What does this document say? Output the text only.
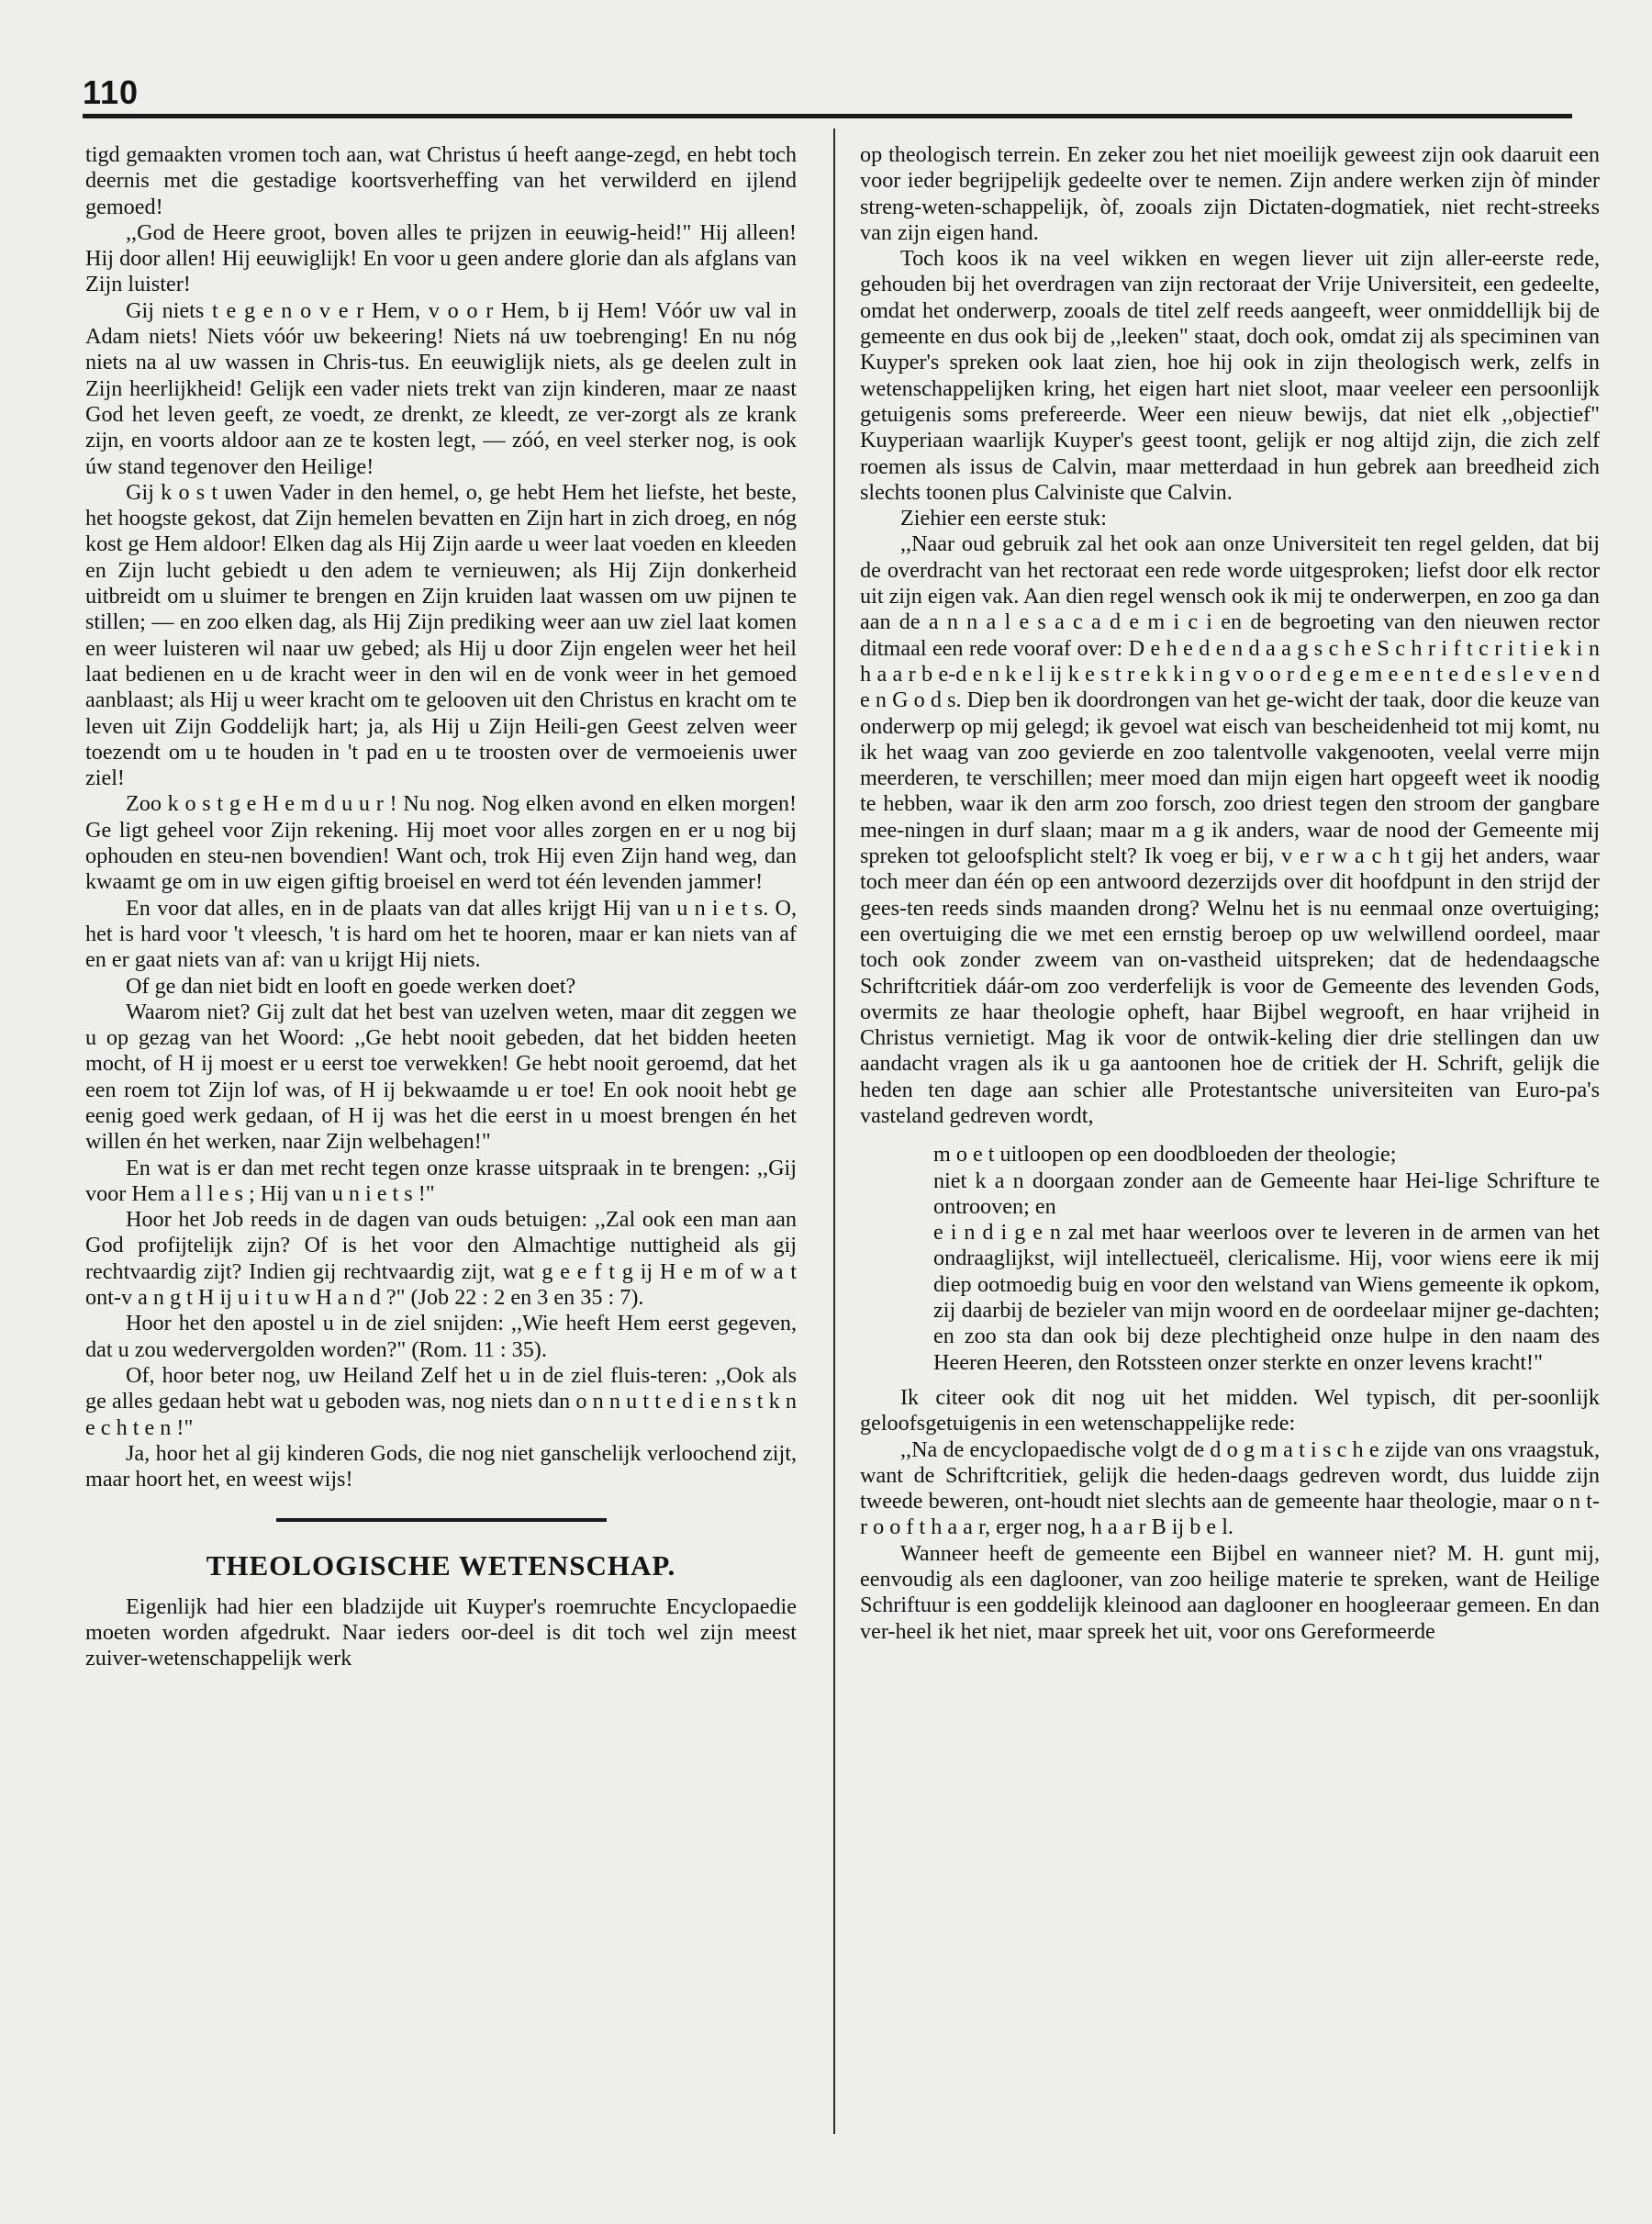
110

tigd gemaakten vromen toch aan, wat Christus ú heeft aange-zegd, en hebt toch deernis met die gestadige koortsverheffing van het verwilderd en ijlend gemoed!

,,God de Heere groot, boven alles te prijzen in eeuwig-heid!" Hij alleen! Hij door allen! Hij eeuwiglijk! En voor u geen andere glorie dan als afglans van Zijn luister!

Gij niets t e g e n o v e r Hem, v o o r Hem, b ij Hem! Vóór uw val in Adam niets! Niets vóór uw bekeering! Niets ná uw toebrenging! En nu nóg niets na al uw wassen in Chris-tus. En eeuwiglijk niets, als ge deelen zult in Zijn heerlijkheid! Gelijk een vader niets trekt van zijn kinderen, maar ze naast God het leven geeft, ze voedt, ze drenkt, ze kleedt, ze ver-zorgt als ze krank zijn, en voorts aldoor aan ze te kosten legt, — zóó, en veel sterker nog, is ook úw stand tegenover den Heilige!

Gij k o s t uwen Vader in den hemel, o, ge hebt Hem het liefste, het beste, het hoogste gekost, dat Zijn hemelen bevatten en Zijn hart in zich droeg, en nóg kost ge Hem aldoor! Elken dag als Hij Zijn aarde u weer laat voeden en kleeden en Zijn lucht gebiedt u den adem te vernieuwen; als Hij Zijn donkerheid uitbreidt om u sluimer te brengen en Zijn kruiden laat wassen om uw pijnen te stillen; — en zoo elken dag, als Hij Zijn prediking weer aan uw ziel laat komen en weer luisteren wil naar uw gebed; als Hij u door Zijn engelen weer het heil laat bedienen en u de kracht weer in den wil en de vonk weer in het gemoed aanblaast; als Hij u weer kracht om te gelooven uit den Christus en kracht om te leven uit Zijn Goddelijk hart; ja, als Hij u Zijn Heili-gen Geest zelven weer toezendt om u te houden in 't pad en u te troosten over de vermoeienis uwer ziel!

Zoo k o s t g e H e m d u u r ! Nu nog. Nog elken avond en elken morgen! Ge ligt geheel voor Zijn rekening. Hij moet voor alles zorgen en er u nog bij ophouden en steu-nen bovendien! Want och, trok Hij even Zijn hand weg, dan kwaamt ge om in uw eigen giftig broeisel en werd tot één levenden jammer!

En voor dat alles, en in de plaats van dat alles krijgt Hij van u n i e t s. O, het is hard voor 't vleesch, 't is hard om het te hooren, maar er kan niets van af en er gaat niets van af: van u krijgt Hij niets.

Of ge dan niet bidt en looft en goede werken doet?

Waarom niet? Gij zult dat het best van uzelven weten, maar dit zeggen we u op gezag van het Woord: ,,Ge hebt nooit gebeden, dat het bidden heeten mocht, of H ij moest er u eerst toe verwekken! Ge hebt nooit geroemd, dat het een roem tot Zijn lof was, of H ij bekwaamde u er toe! En ook nooit hebt ge eenig goed werk gedaan, of H ij was het die eerst in u moest brengen én het willen én het werken, naar Zijn welbehagen!"

En wat is er dan met recht tegen onze krasse uitspraak in te brengen: ,,Gij voor Hem a l l e s ; Hij van u n i e t s !"

Hoor het Job reeds in de dagen van ouds betuigen: ,,Zal ook een man aan God profijtelijk zijn? Of is het voor den Almachtige nuttigheid als gij rechtvaardig zijt? Indien gij rechtvaardig zijt, wat g e e f t g ij H e m of w a t ont-v a n g t H ij u i t u w H a n d ?" (Job 22 : 2 en 3 en 35 : 7).

Hoor het den apostel u in de ziel snijden: ,,Wie heeft Hem eerst gegeven, dat u zou wedervergolden worden?" (Rom. 11 : 35).

Of, hoor beter nog, uw Heiland Zelf het u in de ziel fluis-teren: ,,Ook als ge alles gedaan hebt wat u geboden was, nog niets dan o n n u t t e d i e n s t k n e c h t e n !"

Ja, hoor het al gij kinderen Gods, die nog niet ganschelijk verloochend zijt, maar hoort het, en weest wijs!

THEOLOGISCHE WETENSCHAP.

Eigenlijk had hier een bladzijde uit Kuyper's roemruchte Encyclopaedie moeten worden afgedrukt. Naar ieders oor-deel is dit toch wel zijn meest zuiver-wetenschappelijk werk

op theologisch terrein. En zeker zou het niet moeilijk geweest zijn ook daaruit een voor ieder begrijpelijk gedeelte over te nemen. Zijn andere werken zijn òf minder streng-weten-schappelijk, òf, zooals zijn Dictaten-dogmatiek, niet recht-streeks van zijn eigen hand.

Toch koos ik na veel wikken en wegen liever uit zijn aller-eerste rede, gehouden bij het overdragen van zijn rectoraat der Vrije Universiteit, een gedeelte, omdat het onderwerp, zooals de titel zelf reeds aangeeft, weer onmiddellijk bij de gemeente en dus ook bij de ,,leeken" staat, doch ook, omdat zij als speciminen van Kuyper's spreken ook laat zien, hoe hij ook in zijn theologisch werk, zelfs in wetenschappelijken kring, het eigen hart niet sloot, maar veeleer een persoonlijk getuigenis soms prefereerde. Weer een nieuw bewijs, dat niet elk ,,objectief" Kuyperiaan waarlijk Kuyper's geest toont, gelijk er nog altijd zijn, die zich zelf roemen als issus de Calvin, maar metterdaad in hun gebrek aan breedheid zich slechts toonen plus Calviniste que Calvin.

Ziehier een eerste stuk:

,,Naar oud gebruik zal het ook aan onze Universiteit ten regel gelden, dat bij de overdracht van het rectoraat een rede worde uitgesproken; liefst door elk rector uit zijn eigen vak. Aan dien regel wensch ook ik mij te onderwerpen, en zoo ga dan aan de a n n a l e s a c a d e m i c i en de begroeting van den nieuwen rector ditmaal een rede vooraf over: D e h e d e n d a a g s c h e S c h r i f t c r i t i e k i n h a a r b e-d e n k e l ij k e s t r e k k i n g v o o r d e g e m e e n t e d e s l e v e n d e n G o d s. Diep ben ik doordrongen van het ge-wicht der taak, door die keuze van onderwerp op mij gelegd; ik gevoel wat eisch van bescheidenheid tot mij komt, nu ik het waag van zoo gevierde en zoo talentvolle vakgenooten, veelal verre mijn meerderen, te verschillen; meer moed dan mijn eigen hart opgeeft weet ik noodig te hebben, waar ik den arm zoo forsch, zoo driest tegen den stroom der gangbare mee-ningen in durf slaan; maar m a g ik anders, waar de nood der Gemeente mij spreken tot geloofsplicht stelt? Ik voeg er bij, v e r w a c h t gij het anders, waar toch meer dan één op een antwoord dezerzijds over dit hoofdpunt in den strijd der gees-ten reeds sinds maanden drong? Welnu het is nu eenmaal onze overtuiging; een overtuiging die we met een ernstig beroep op uw welwillend oordeel, maar toch ook zonder zweem van on-vastheid uitspreken; dat de hedendaagsche Schriftcritiek dáár-om zoo verderfelijk is voor de Gemeente des levenden Gods, overmits ze haar theologie opheft, haar Bijbel wegrooft, en haar vrijheid in Christus vernietigt. Mag ik voor de ontwik-keling dier drie stellingen dan uw aandacht vragen als ik u ga aantoonen hoe de critiek der H. Schrift, gelijk die heden ten dage aan schier alle Protestantsche universiteiten van Euro-pa's vasteland gedreven wordt,

m o e t uitloopen op een doodbloeden der theologie;

niet k a n doorgaan zonder aan de Gemeente haar Hei-lige Schrifture te ontrooven; en

e i n d i g e n zal met haar weerloos over te leveren in de armen van het ondraaglijkst, wijl intellectueël, clericalisme. Hij, voor wiens eere ik mij diep ootmoedig buig en voor den welstand van Wiens gemeente ik opkom, zij daarbij de bezieler van mijn woord en de oordeelaar mijner ge-dachten; en zoo sta dan ook bij deze plechtigheid onze hulpe in den naam des Heeren Heeren, den Rotssteen onzer sterkte en onzer levens kracht!"

Ik citeer ook dit nog uit het midden. Wel typisch, dit per-soonlijk geloofsgetuigenis in een wetenschappelijke rede:

,,Na de encyclopaedische volgt de d o g m a t i s c h e zijde van ons vraagstuk, want de Schriftcritiek, gelijk die heden-daags gedreven wordt, dus luidde zijn tweede beweren, ont-houdt niet slechts aan de gemeente haar theologie, maar o n t-r o o f t h a a r, erger nog, h a a r B ij b e l.

Wanneer heeft de gemeente een Bijbel en wanneer niet? M. H. gunt mij, eenvoudig als een daglooner, van zoo heilige materie te spreken, want de Heilige Schriftuur is een goddelijk kleinood aan daglooner en hoogleeraar gemeen. En dan ver-heel ik het niet, maar spreek het uit, voor ons Gereformeerde
